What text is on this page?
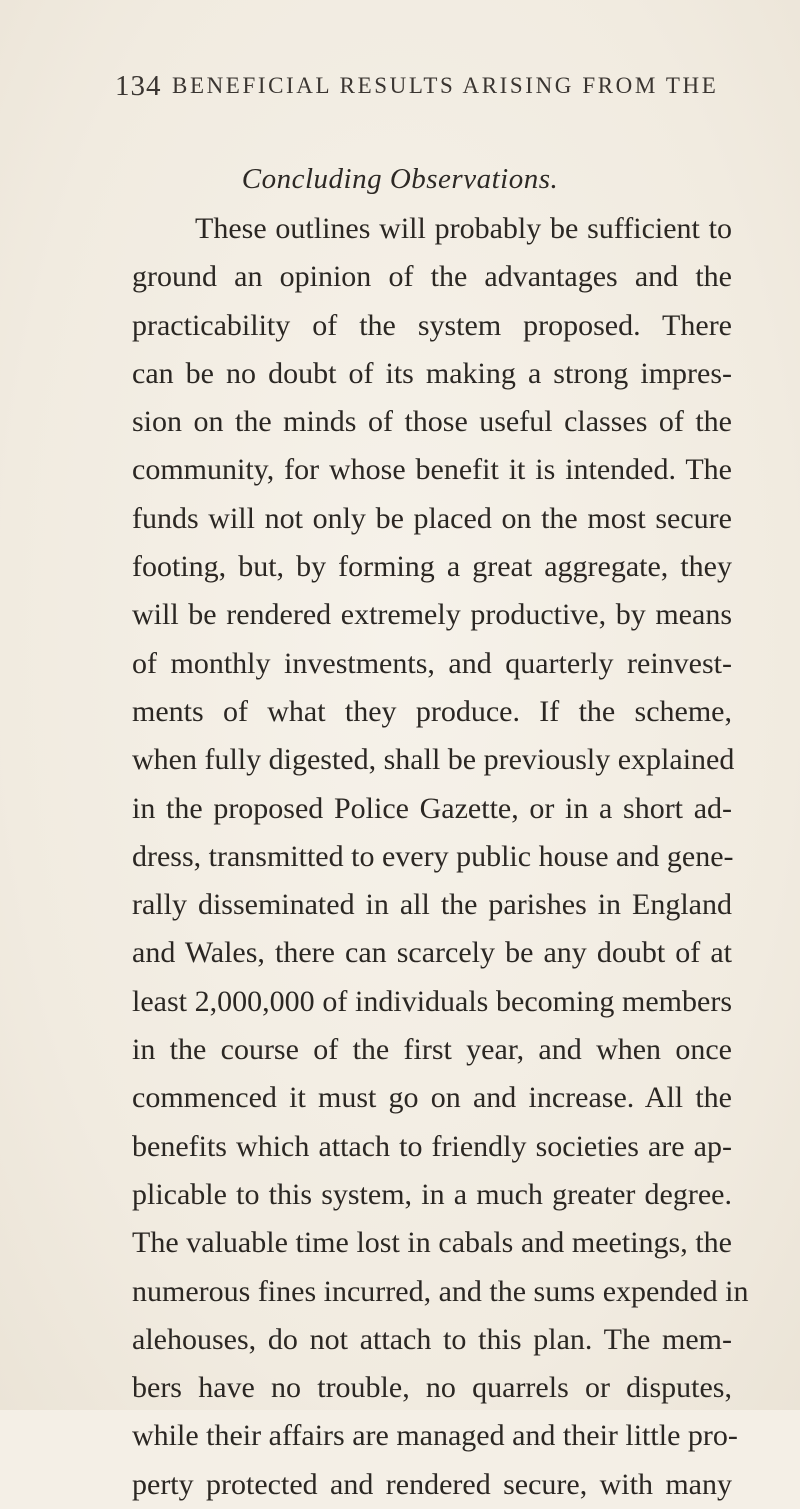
134 BENEFICIAL RESULTS ARISING FROM THE
Concluding Observations.
These outlines will probably be sufficient to
ground an opinion of the advantages and the
practicability of the system proposed. There
can be no doubt of its making a strong impres-
sion on the minds of those useful classes of the
community, for whose benefit it is intended. The
funds will not only be placed on the most secure
footing, but, by forming a great aggregate, they
will be rendered extremely productive, by means
of monthly investments, and quarterly reinvest-
ments of what they produce. If the scheme,
when fully digested, shall be previously explained
in the proposed Police Gazette, or in a short ad-
dress, transmitted to every public house and gene-
rally disseminated in all the parishes in England
and Wales, there can scarcely be any doubt of at
least 2,000,000 of individuals becoming members
in the course of the first year, and when once
commenced it must go on and increase. All the
benefits which attach to friendly societies are ap-
plicable to this system, in a much greater degree.
The valuable time lost in cabals and meetings, the
numerous fines incurred, and the sums expended in
alehouses, do not attach to this plan. The mem-
bers have no trouble, no quarrels or disputes,
while their affairs are managed and their little pro-
perty protected and rendered secure, with many
